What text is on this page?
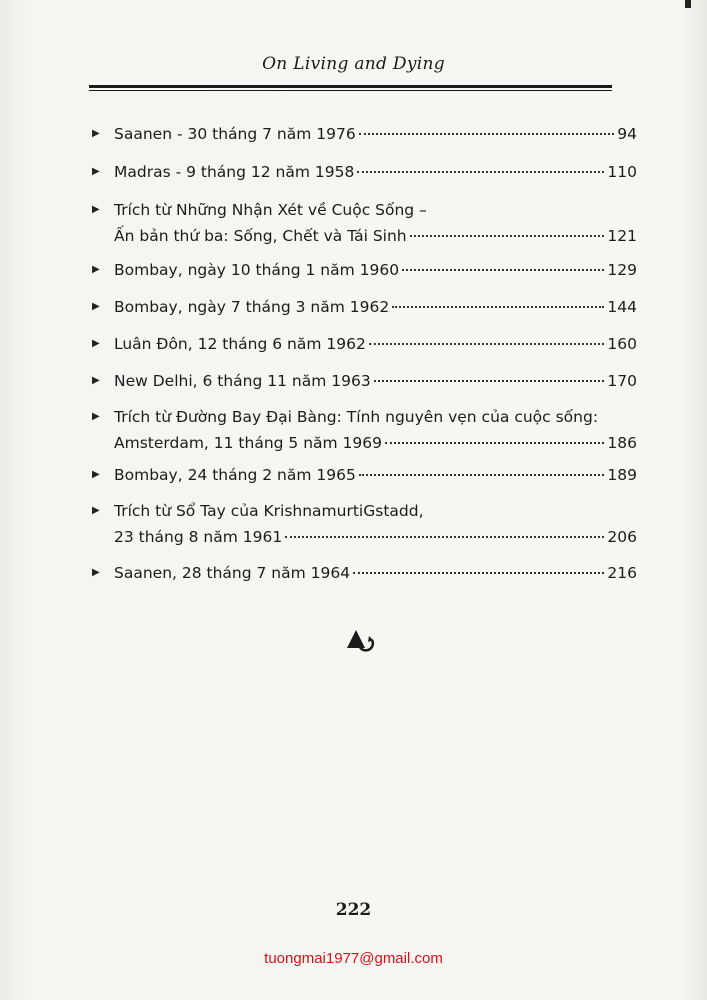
On Living and Dying
▶ Saanen - 30 tháng 7 năm 1976	94
▶ Madras - 9 tháng 12 năm 1958	110
▶ Trích từ Những Nhận Xét về Cuộc Sống –
Ấn bản thứ ba: Sống, Chết và Tái Sinh	121
▶ Bombay, ngày 10 tháng 1 năm 1960	129
▶ Bombay, ngày 7 tháng 3 năm 1962	144
▶ Luân Đôn, 12 tháng 6 năm 1962	160
▶ New Delhi, 6 tháng 11 năm 1963	170
▶ Trích từ Đường Bay Đại Bàng: Tính nguyên vẹn của cuộc sống:
Amsterdam, 11 tháng 5 năm 1969	186
▶ Bombay, 24 tháng 2 năm 1965	189
▶ Trích từ Sổ Tay của KrishnamurtiGstadd,
23 tháng 8 năm 1961	206
▶ Saanen, 28 tháng 7 năm 1964	216
222
tuongmai1977@gmail.com
